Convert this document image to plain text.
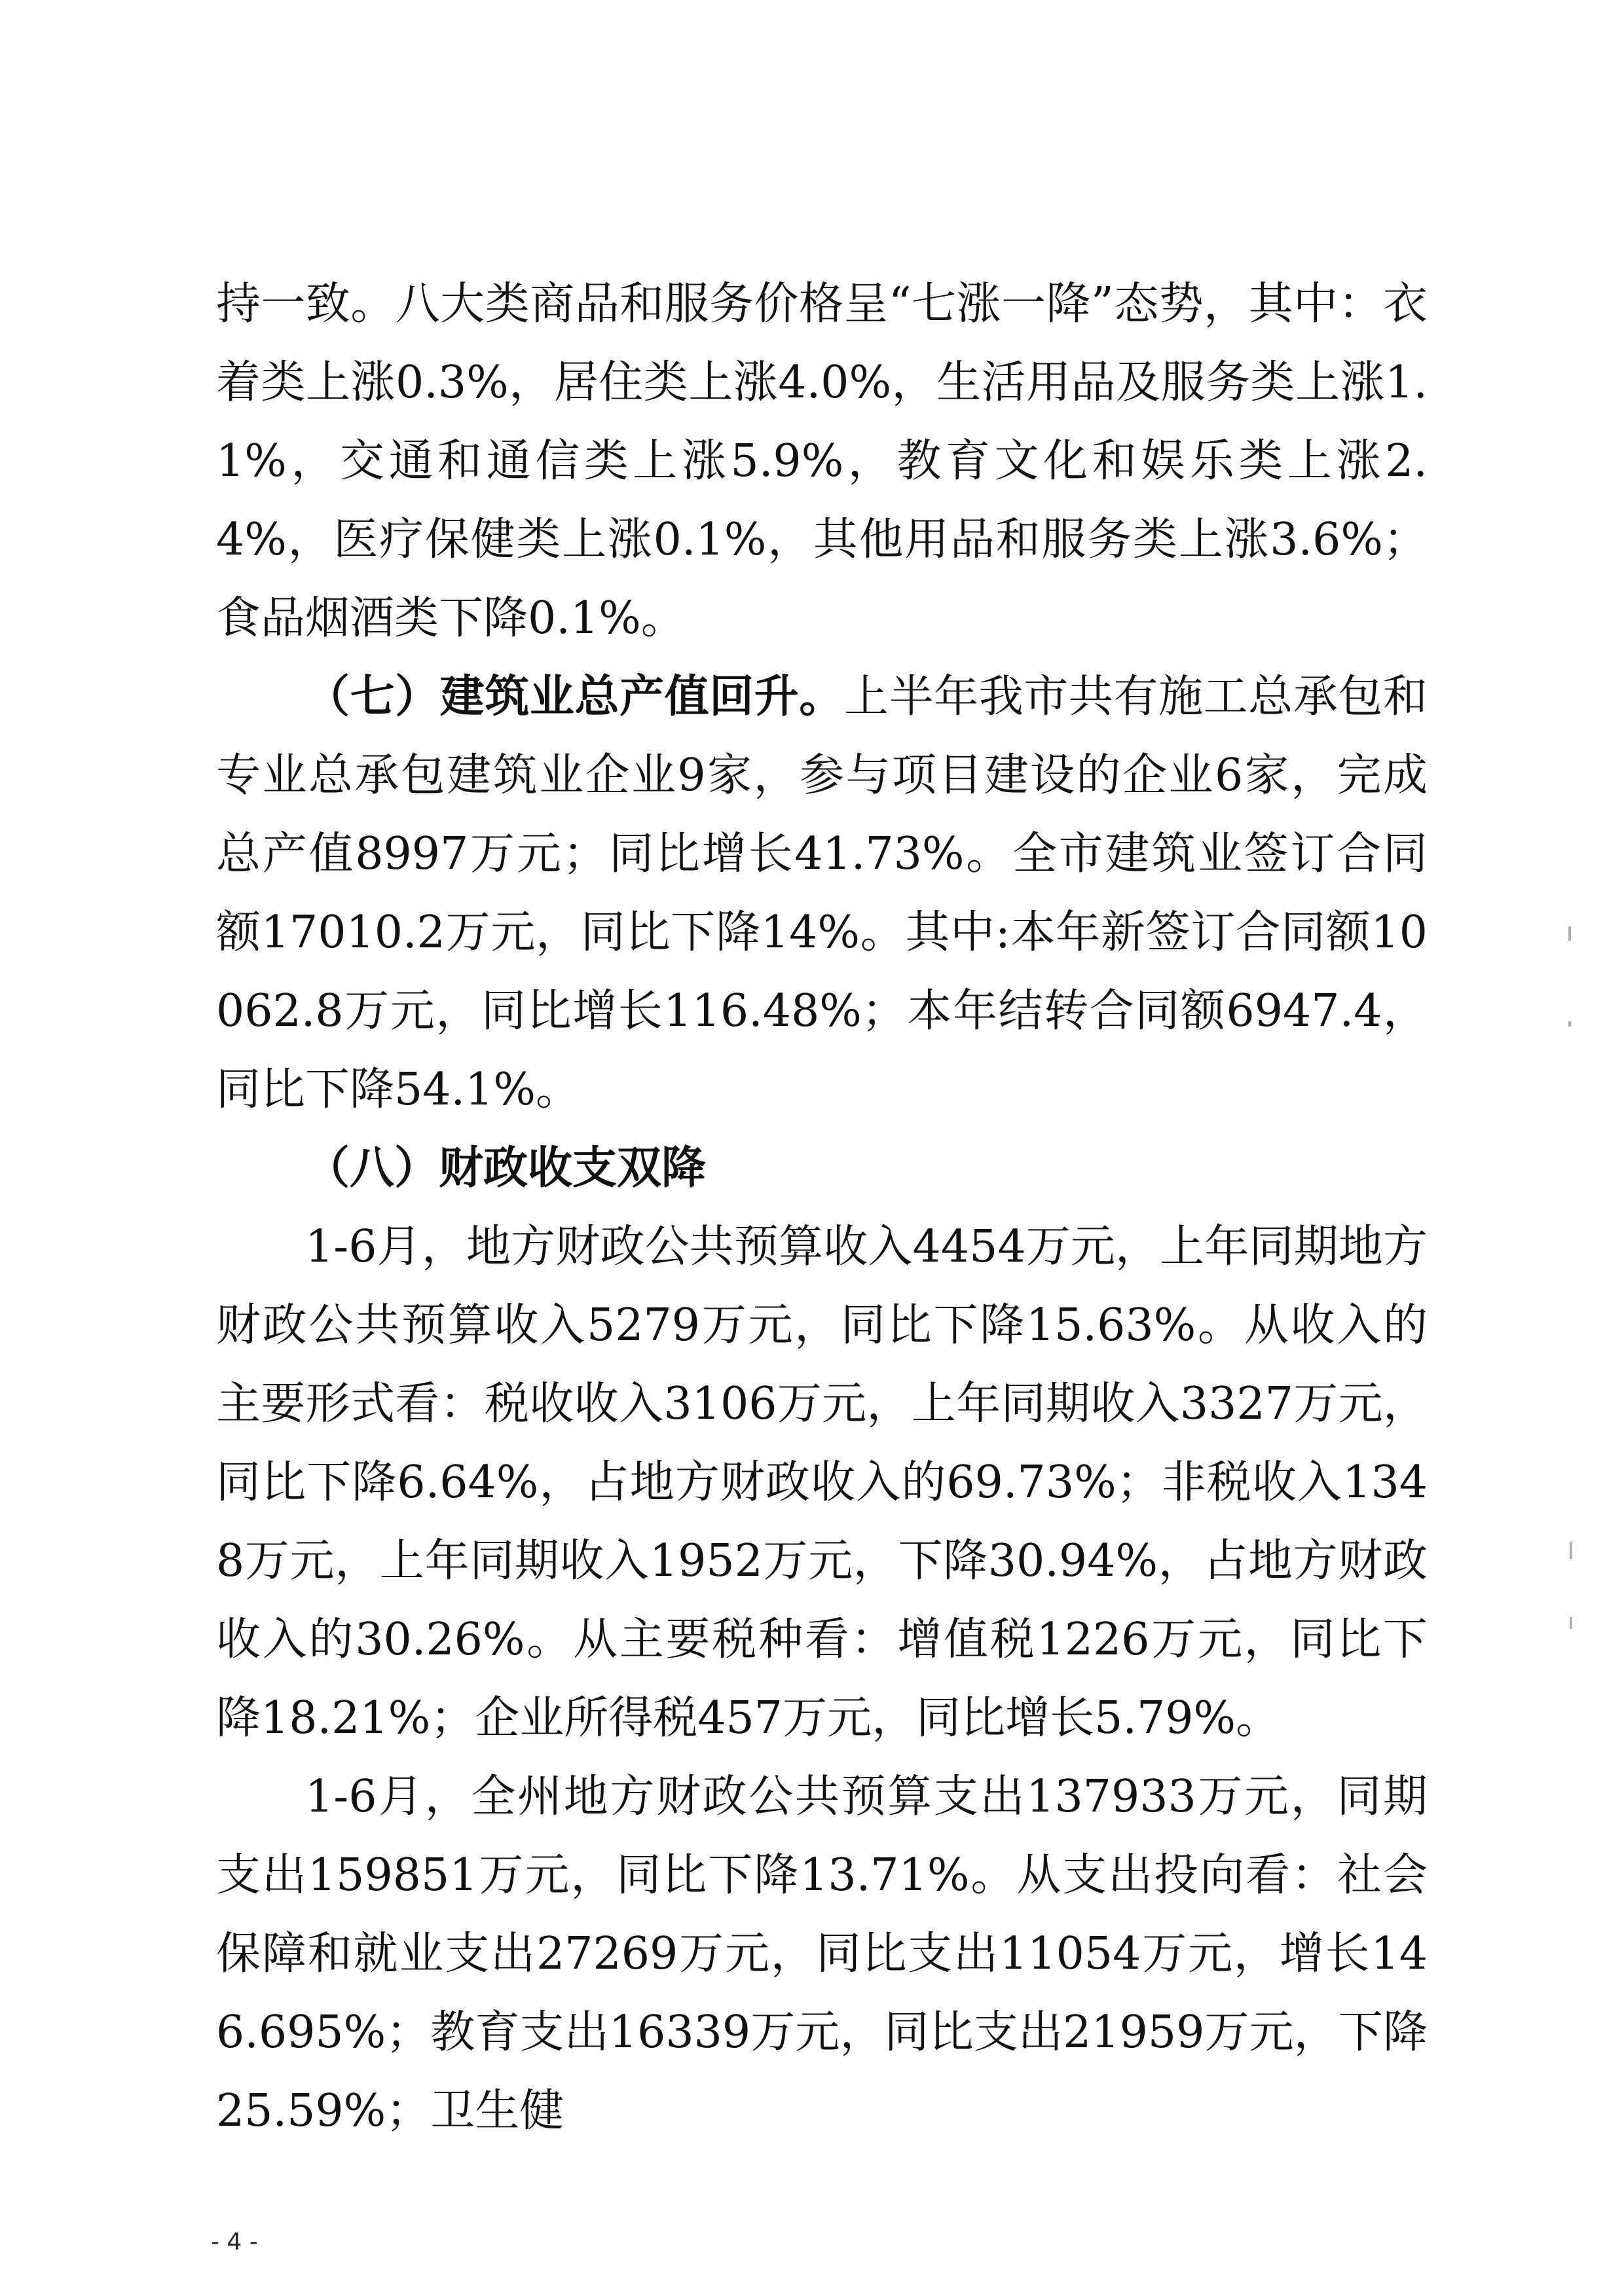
持一致。八大类商品和服务价格呈“七涨一降”态势，其中：衣着类上涨0.3%，居住类上涨4.0%，生活用品及服务类上涨1.1%，交通和通信类上涨5.9%，教育文化和娱乐类上涨2.4%，医疗保健类上涨0.1%，其他用品和服务类上涨3.6%；食品烟酒类下降0.1%。

（七）建筑业总产值回升。上半年我市共有施工总承包和专业总承包建筑业企业9家，参与项目建设的企业6家，完成总产值8997万元；同比增长41.73%。全市建筑业签订合同额17010.2万元，同比下降14%。其中:本年新签订合同额10062.8万元，同比增长116.48%；本年结转合同额6947.4，同比下降54.1%。

（八）财政收支双降

1-6月，地方财政公共预算收入4454万元，上年同期地方财政公共预算收入5279万元，同比下降15.63%。从收入的主要形式看：税收收入3106万元，上年同期收入3327万元，同比下降6.64%，占地方财政收入的69.73%；非税收入1348万元，上年同期收入1952万元，下降30.94%，占地方财政收入的30.26%。从主要税种看：增值税1226万元，同比下降18.21%；企业所得税457万元，同比增长5.79%。

1-6月，全州地方财政公共预算支出137933万元，同期支出159851万元，同比下降13.71%。从支出投向看：社会保障和就业支出27269万元，同比支出11054万元，增长146.695%；教育支出16339万元，同比支出21959万元，下降25.59%；卫生健

- 4 -
